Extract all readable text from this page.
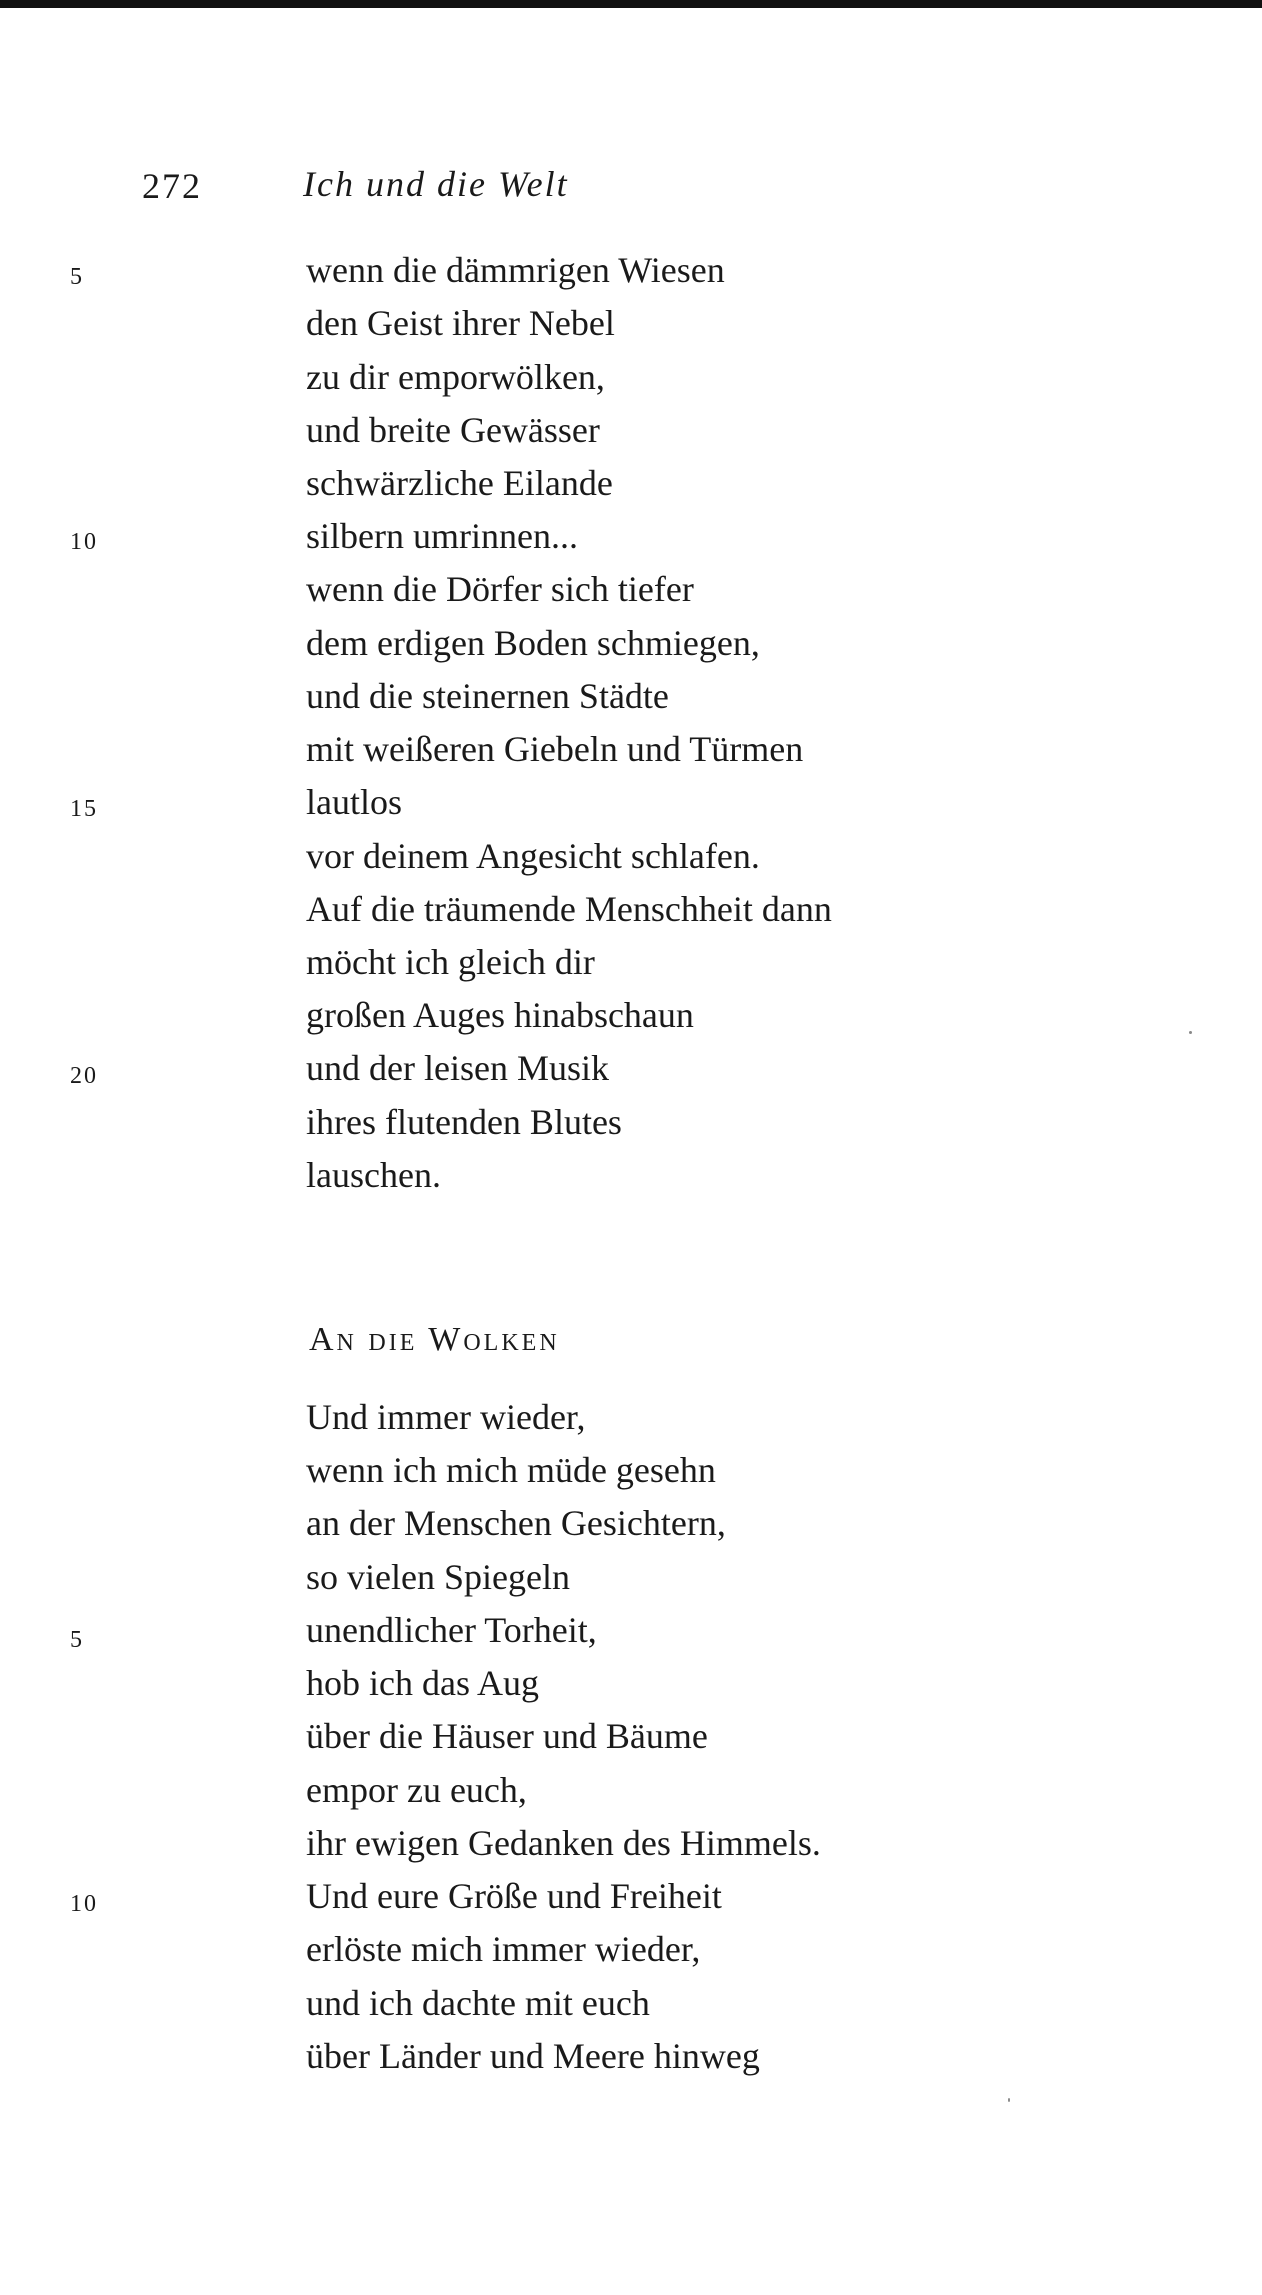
272	Ich und die Welt
5	wenn die dämmrigen Wiesen
den Geist ihrer Nebel
zu dir emporwölken,
und breite Gewässer
schwärzliche Eilande
10	silbern umrinnen...
wenn die Dörfer sich tiefer
dem erdigen Boden schmiegen,
und die steinernen Städte
mit weißeren Giebeln und Türmen
15	lautlos
vor deinem Angesicht schlafen.
Auf die träumende Menschheit dann
möcht ich gleich dir
großen Auges hinabschaun
20	und der leisen Musik
ihres flutenden Blutes
lauschen.
An die Wolken
Und immer wieder,
wenn ich mich müde gesehn
an der Menschen Gesichtern,
so vielen Spiegeln
5	unendlicher Torheit,
hob ich das Aug
über die Häuser und Bäume
empor zu euch,
ihr ewigen Gedanken des Himmels.
10	Und eure Größe und Freiheit
erlöste mich immer wieder,
und ich dachte mit euch
über Länder und Meere hinweg
